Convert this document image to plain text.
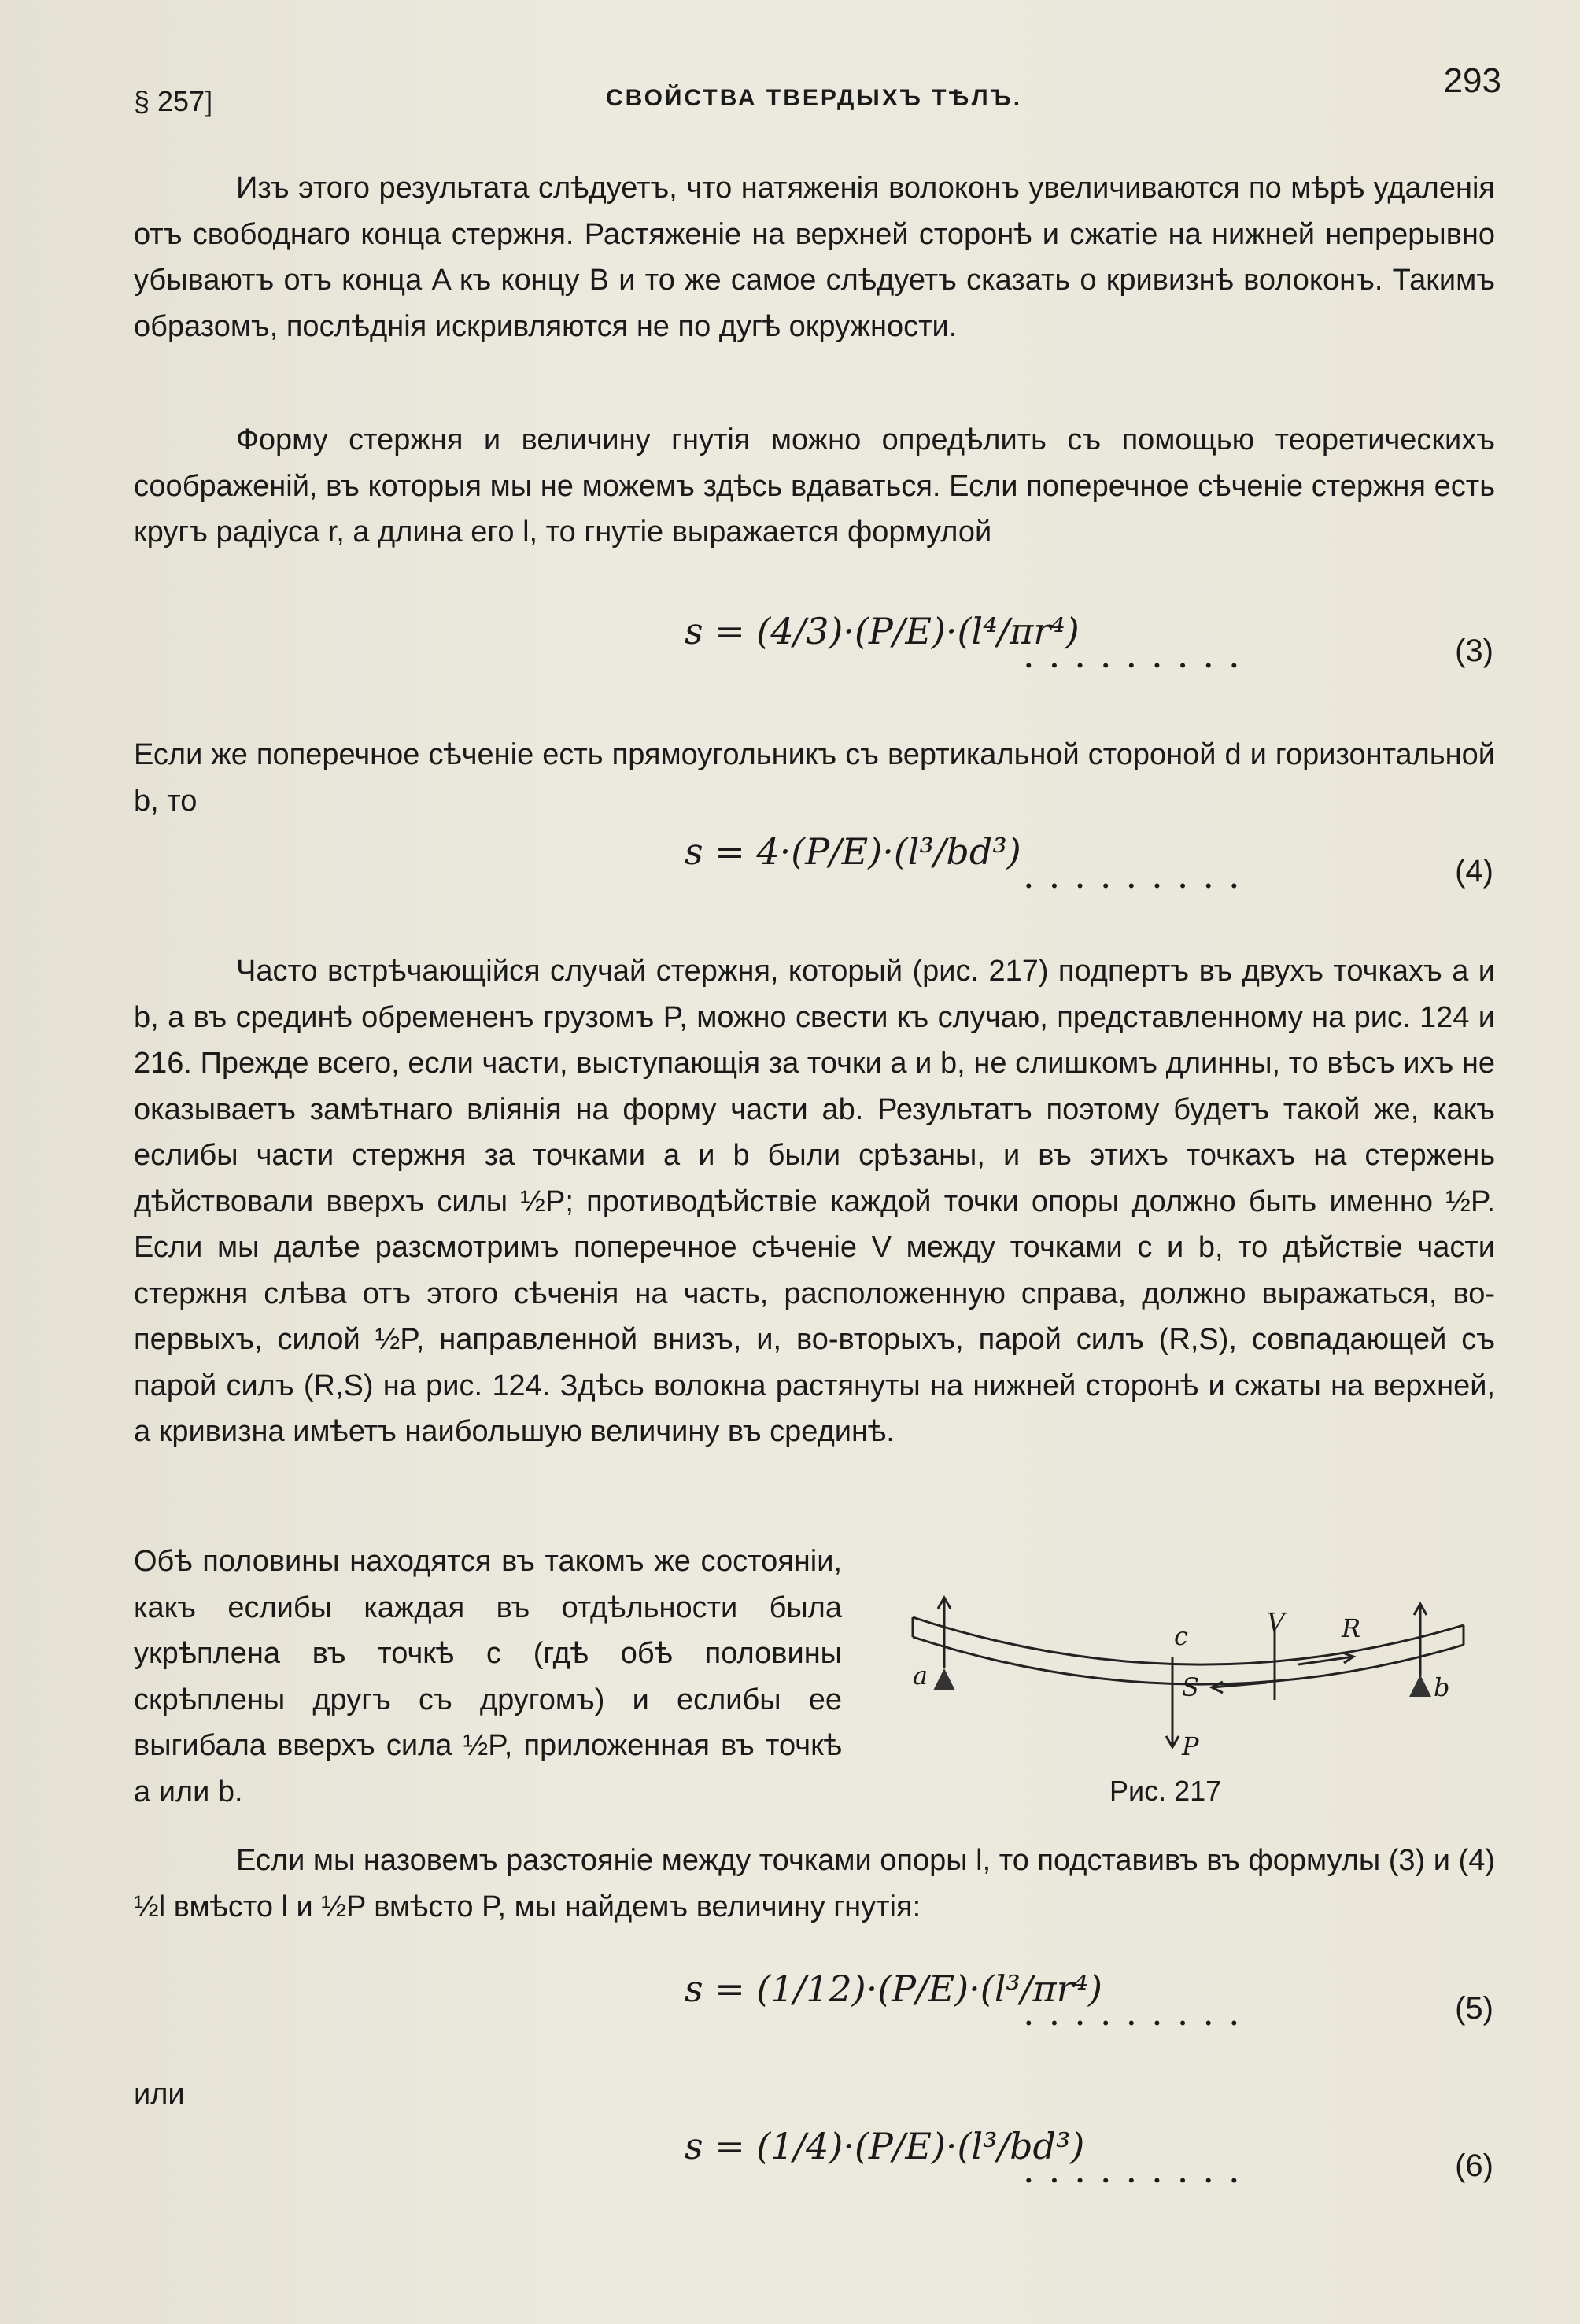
§ 257]	СВОЙСТВА ТВЕРДЫХЪ ТѢЛЪ.	293

Изъ этого результата слѣдуетъ, что натяженія волоконъ увеличиваются по мѣрѣ удаленія отъ свободнаго конца стержня. Растяженіе на верхней сторонѣ и сжатіе на нижней непрерывно убываютъ отъ конца A къ концу B и то же самое слѣдуетъ сказать о кривизнѣ волоконъ. Такимъ образомъ, послѣднія искривляются не по дугѣ окружности.

Форму стержня и величину гнутія можно опредѣлить съ помощью теоретическихъ соображеній, въ которыя мы не можемъ здѣсь вдаваться. Если поперечное сѣченіе стержня есть кругъ радіуса r, а длина его l, то гнутіе выражается формулой

s = (4/3)·(P/E)·(l⁴/πr⁴)
.........	(3)

Если же поперечное сѣченіе есть прямоугольникъ съ вертикальной стороной d и горизонтальной b, то

s = 4·(P/E)·(l³/bd³)
.........	(4)

Часто встрѣчающійся случай стержня, который (рис. 217) подпертъ въ двухъ точкахъ a и b, а въ срединѣ обремененъ грузомъ P, можно свести къ случаю, представленному на рис. 124 и 216. Прежде всего, если части, выступающія за точки a и b, не слишкомъ длинны, то вѣсъ ихъ не оказываетъ замѣтнаго вліянія на форму части ab. Результатъ поэтому будетъ такой же, какъ еслибы части стержня за точками a и b были срѣзаны, и въ этихъ точкахъ на стержень дѣйствовали вверхъ силы ½P; противодѣйствіе каждой точки опоры должно быть именно ½P. Если мы далѣе разсмотримъ поперечное сѣченіе V между точками c и b, то дѣйствіе части стержня слѣва отъ этого сѣченія на часть, расположенную справа, должно выражаться, во-первыхъ, силой ½P, направленной внизъ, и, во-вторыхъ, парой силъ (R,S), совпадающей съ парой силъ (R,S) на рис. 124. Здѣсь волокна растянуты на нижней сторонѣ и сжаты на верхней, а кривизна имѣетъ наибольшую величину въ срединѣ.

Обѣ половины находятся въ такомъ же состояніи, какъ еслибы каждая въ отдѣльности была укрѣплена въ точкѣ c (гдѣ обѣ половины скрѣплены другъ съ другомъ) и еслибы ее выгибала вверхъ сила ½P, приложенная въ точкѣ a или b.

a	b
c	V R
S
P
Рис. 217

Если мы назовемъ разстояніе между точками опоры l, то подставивъ въ формулы (3) и (4) ½l вмѣсто l и ½P вмѣсто P, мы найдемъ величину гнутія:

s = (1/12)·(P/E)·(l³/πr⁴)
.........	(5)
или
s = (1/4)·(P/E)·(l³/bd³)
.........	(6)
